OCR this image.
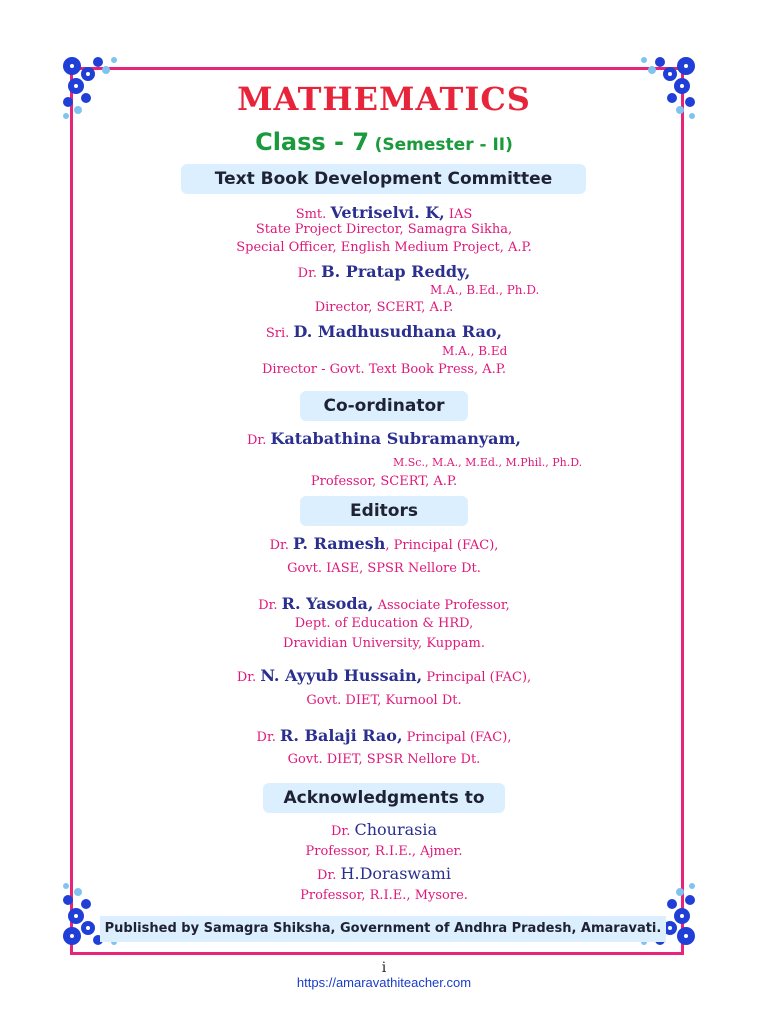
MATHEMATICS
Class - 7 (Semester - II)
Text Book Development Committee
Smt. Vetriselvi. K, IAS
State Project Director, Samagra Sikha,
Special Officer, English Medium Project, A.P.
Dr. B. Pratap Reddy,
M.A., B.Ed., Ph.D.
Director, SCERT, A.P.
Sri. D. Madhusudhana Rao,
M.A., B.Ed
Director - Govt. Text Book Press, A.P.
Co-ordinator
Dr. Katabathina Subramanyam,
M.Sc., M.A., M.Ed., M.Phil., Ph.D.
Professor, SCERT, A.P.
Editors
Dr. P. Ramesh, Principal (FAC),
Govt. IASE, SPSR Nellore Dt.
Dr. R. Yasoda, Associate Professor,
Dept. of Education & HRD,
Dravidian University, Kuppam.
Dr. N. Ayyub Hussain, Principal (FAC),
Govt. DIET, Kurnool Dt.
Dr. R. Balaji Rao, Principal (FAC),
Govt. DIET, SPSR Nellore Dt.
Acknowledgments to
Dr. Chourasia
Professor, R.I.E., Ajmer.
Dr. H.Doraswami
Professor, R.I.E., Mysore.
Published by Samagra Shiksha, Government of Andhra Pradesh, Amaravati.
i
https://amaravathiteacher.com
